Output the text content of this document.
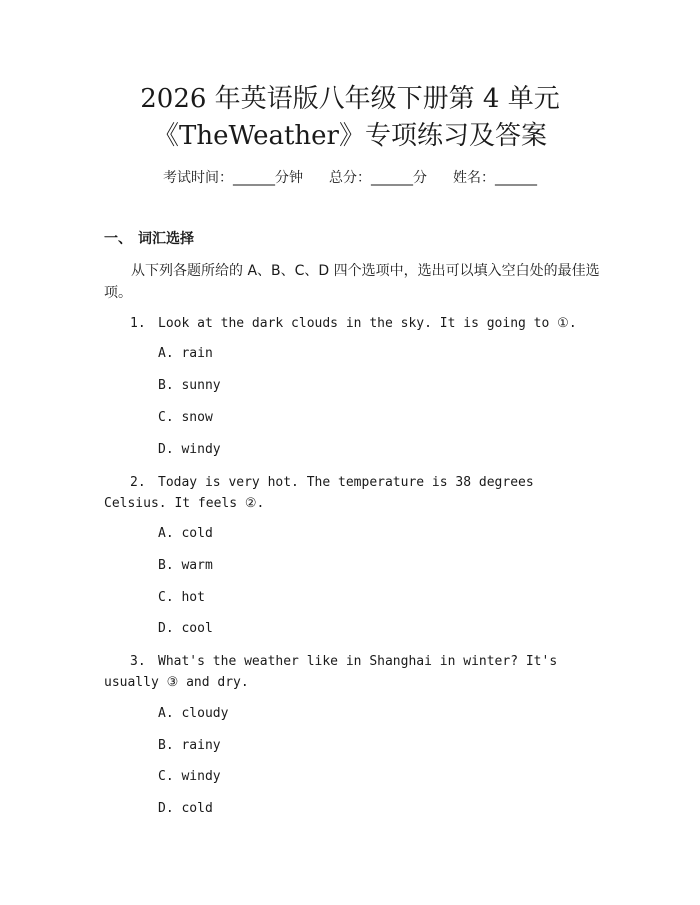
2026 年英语版八年级下册第 4 单元
《TheWeather》专项练习及答案
考试时间：______分钟 总分：______分 姓名：______
一、 词汇选择
从下列各题所给的 A、B、C、D 四个选项中，选出可以填入空白处的最佳选项。
1. Look at the dark clouds in the sky. It is going to ①.
A. rain
B. sunny
C. snow
D. windy
2. Today is very hot. The temperature is 38 degrees Celsius. It feels ②.
A. cold
B. warm
C. hot
D. cool
3. What's the weather like in Shanghai in winter? It's usually ③ and dry.
A. cloudy
B. rainy
C. windy
D. cold
